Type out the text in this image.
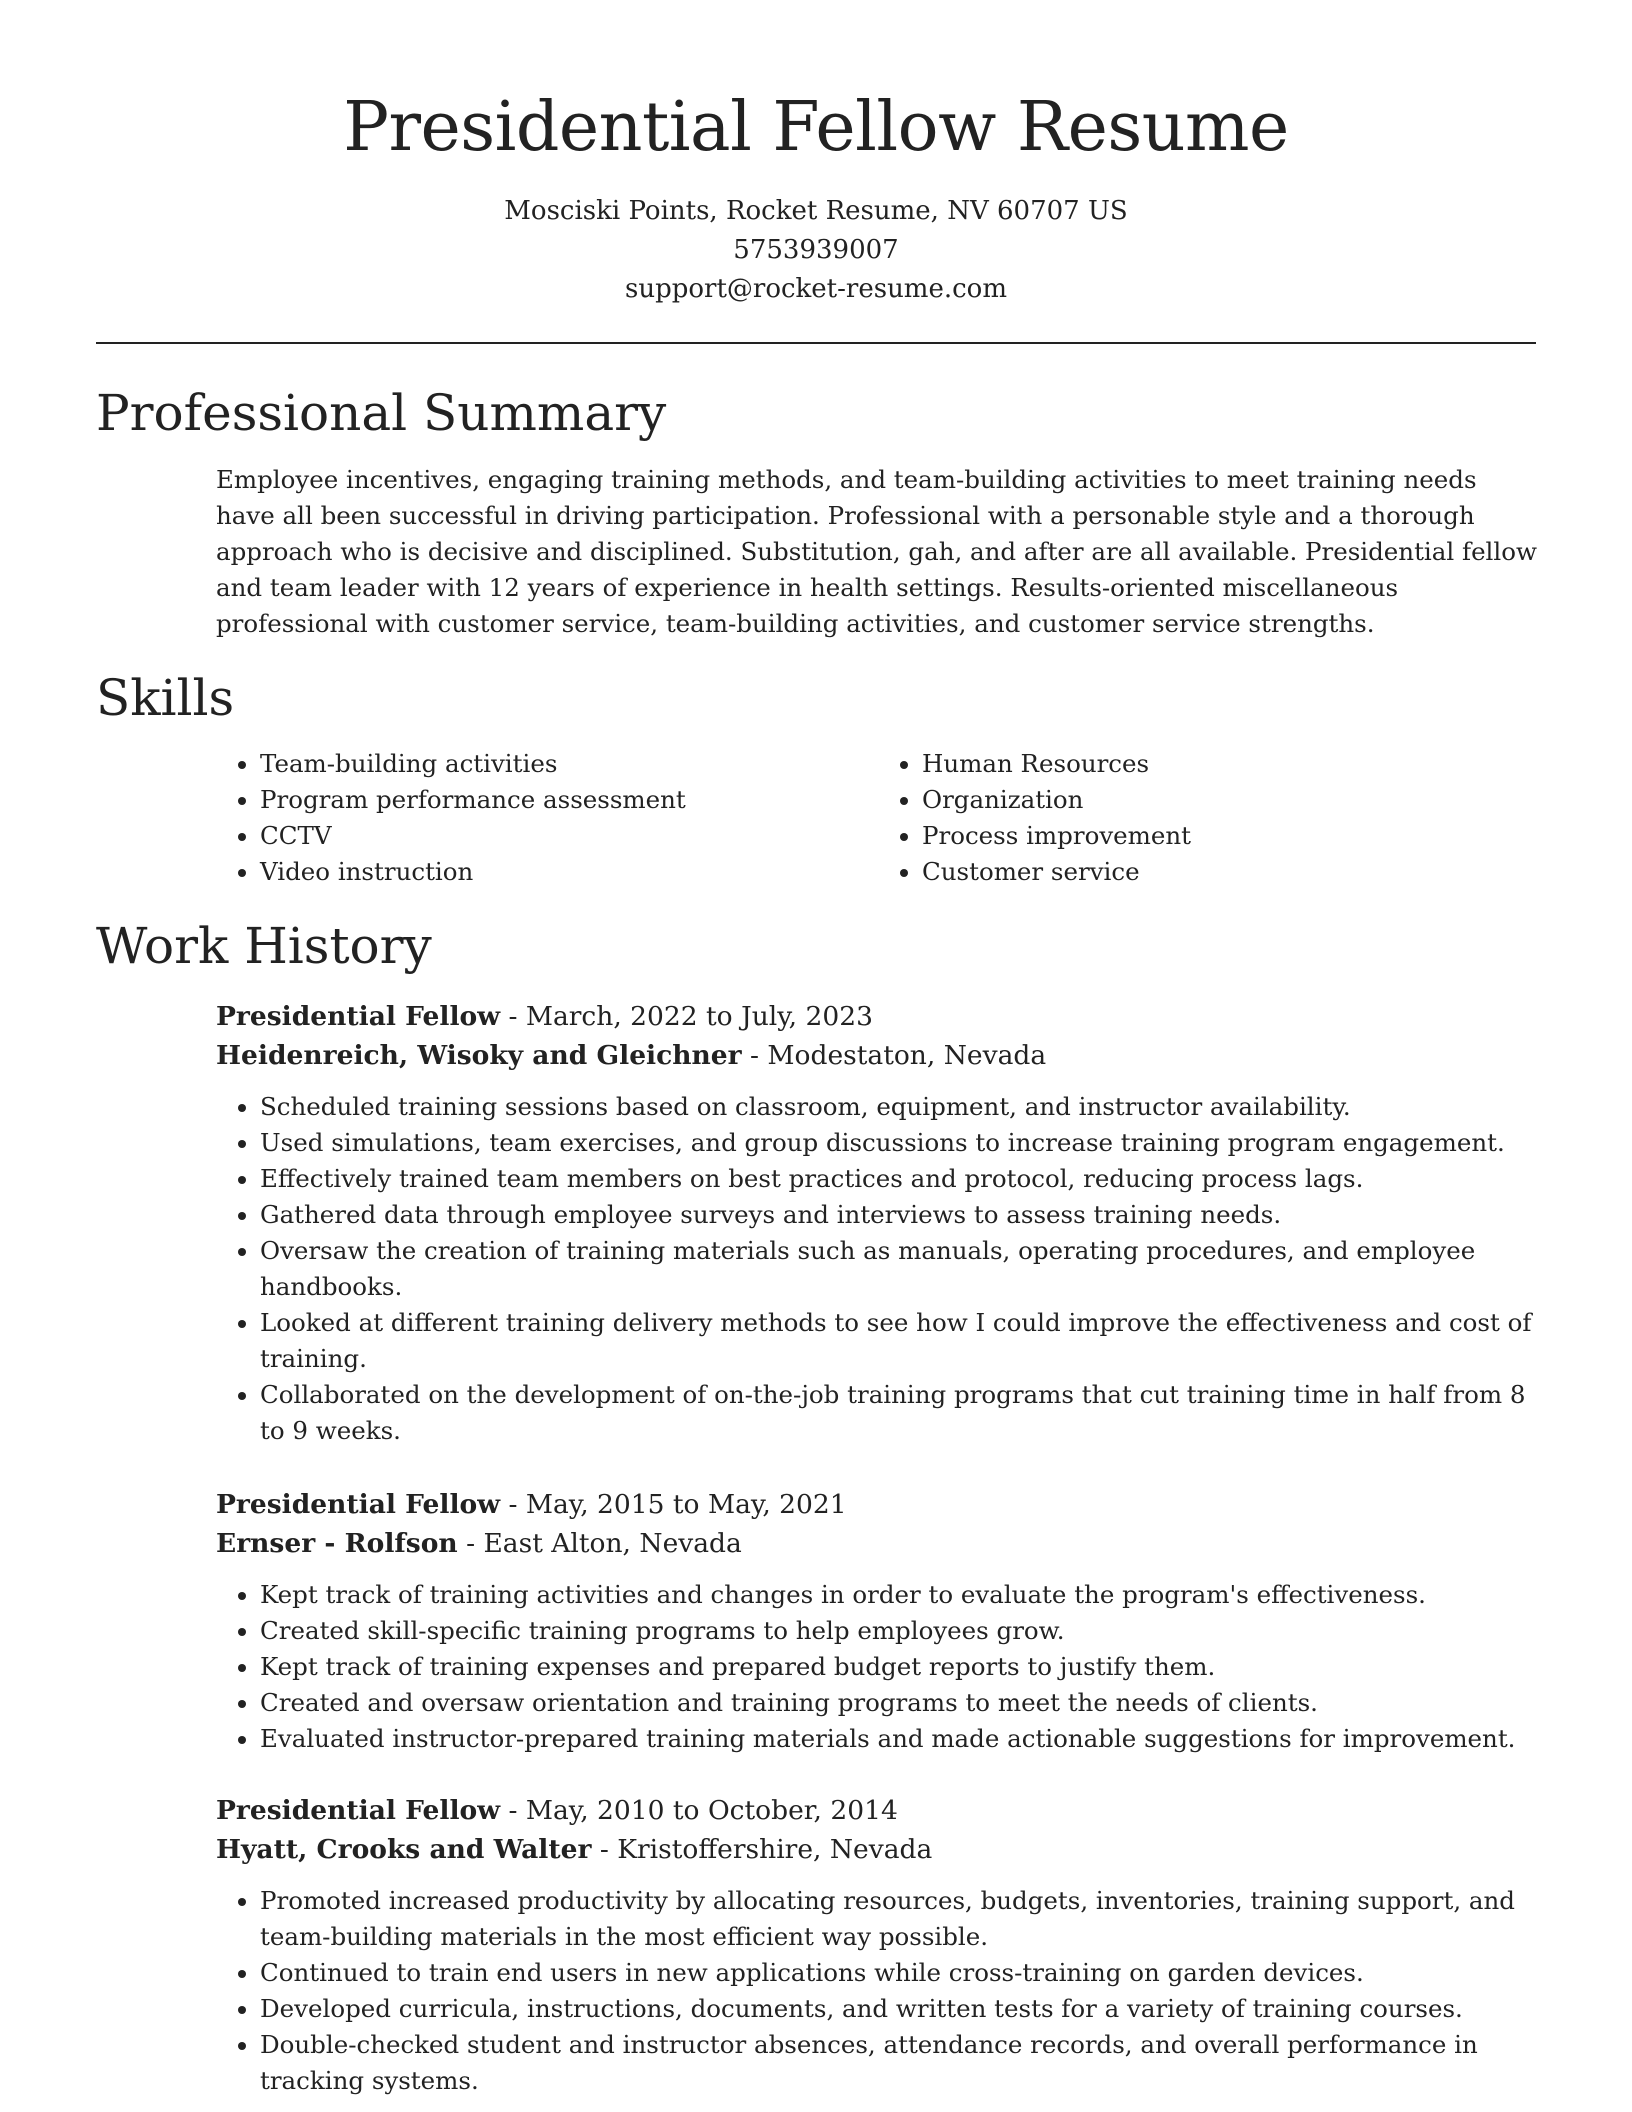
Presidential Fellow Resume
Mosciski Points, Rocket Resume, NV 60707 US
5753939007
support@rocket-resume.com
Professional Summary

Employee incentives, engaging training methods, and team-building activities to meet training needs have all been successful in driving participation. Professional with a personable style and a thorough approach who is decisive and disciplined. Substitution, gah, and after are all available. Presidential fellow and team leader with 12 years of experience in health settings. Results-oriented miscellaneous professional with customer service, team-building activities, and customer service strengths.

Skills
• Team-building activities
• Program performance assessment
• CCTV
• Video instruction
• Human Resources
• Organization
• Process improvement
• Customer service
Work History
Presidential Fellow - March, 2022 to July, 2023
Heidenreich, Wisoky and Gleichner - Modestaton, Nevada
• Scheduled training sessions based on classroom, equipment, and instructor availability.
• Used simulations, team exercises, and group discussions to increase training program engagement.
• Effectively trained team members on best practices and protocol, reducing process lags.
• Gathered data through employee surveys and interviews to assess training needs.
• Oversaw the creation of training materials such as manuals, operating procedures, and employee handbooks.
• Looked at different training delivery methods to see how I could improve the effectiveness and cost of training.
• Collaborated on the development of on-the-job training programs that cut training time in half from 8 to 9 weeks.
Presidential Fellow - May, 2015 to May, 2021
Ernser - Rolfson - East Alton, Nevada
• Kept track of training activities and changes in order to evaluate the program's effectiveness.
• Created skill-specific training programs to help employees grow.
• Kept track of training expenses and prepared budget reports to justify them.
• Created and oversaw orientation and training programs to meet the needs of clients.
• Evaluated instructor-prepared training materials and made actionable suggestions for improvement.
Presidential Fellow - May, 2010 to October, 2014
Hyatt, Crooks and Walter - Kristoffershire, Nevada
• Promoted increased productivity by allocating resources, budgets, inventories, training support, and team-building materials in the most efficient way possible.
• Continued to train end users in new applications while cross-training on garden devices.
• Developed curricula, instructions, documents, and written tests for a variety of training courses.
• Double-checked student and instructor absences, attendance records, and overall performance in tracking systems.
